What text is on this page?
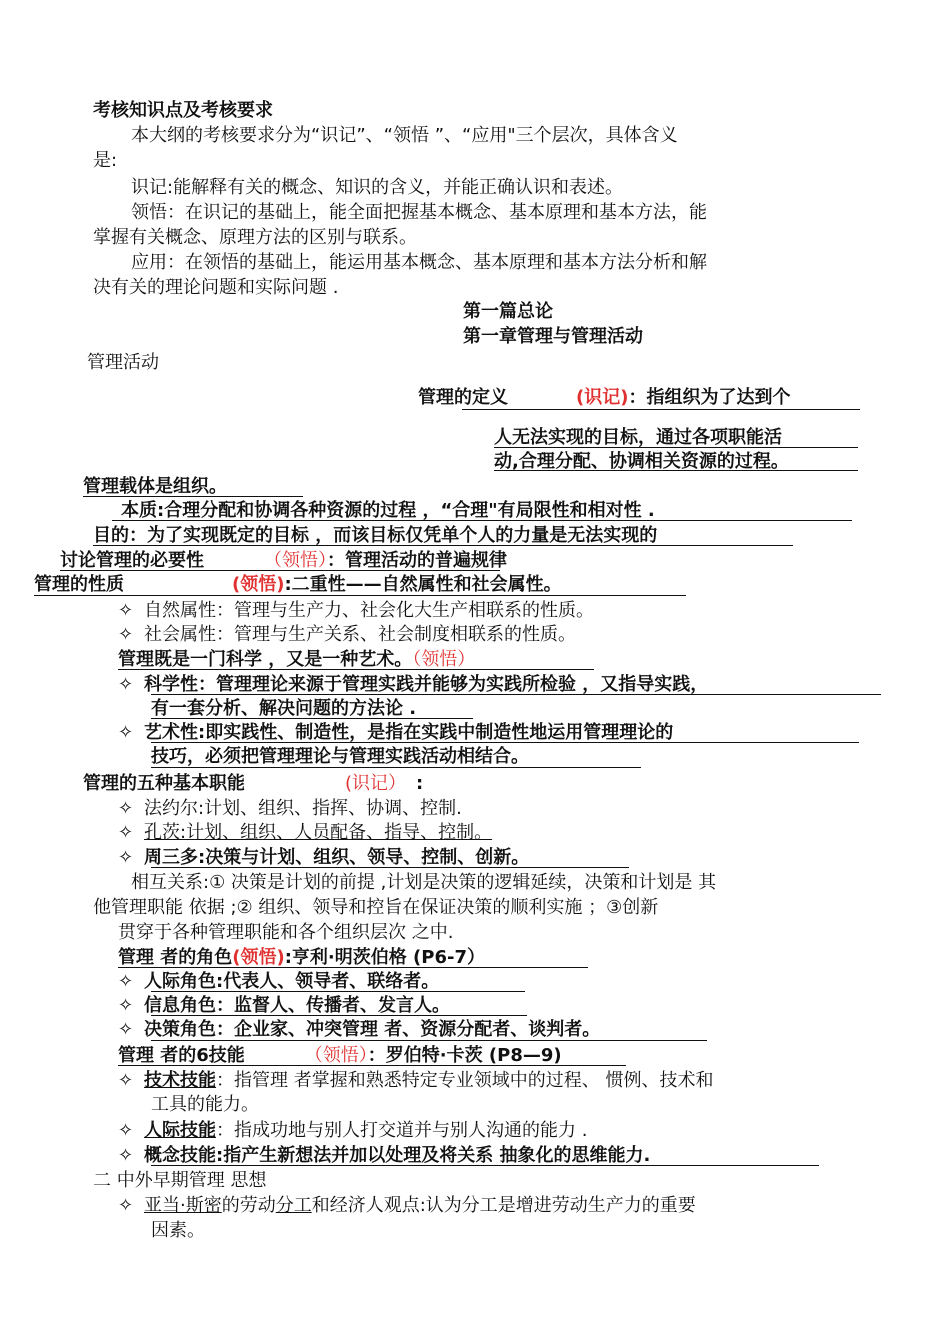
考核知识点及考核要求
本大纲的考核要求分为“识记”、“领悟 ”、“应用"三个层次，具体含义
是:
识记:能解释有关的概念、知识的含义，并能正确认识和表述。
领悟：在识记的基础上，能全面把握基本概念、基本原理和基本方法，能
掌握有关概念、原理方法的区别与联系。
应用：在领悟的基础上，能运用基本概念、基本原理和基本方法分析和解
决有关的理论问题和实际问题 .
第一篇总论
第一章管理与管理活动
管理活动
管理的定义	(识记)：指组织为了达到个
人无法实现的目标，通过各项职能活
动,合理分配、协调相关资源的过程。
管理载体是组织。
本质:合理分配和协调各种资源的过程 ，“合理"有局限性和相对性 .
目的：为了实现既定的目标 ，而该目标仅凭单个人的力量是无法实现的
讨论管理的必要性	（领悟）：管理活动的普遍规律
管理的性质	(领悟):二重性——自然属性和社会属性。
✧ 自然属性：管理与生产力、社会化大生产相联系的性质。
✧ 社会属性：管理与生产关系、社会制度相联系的性质。
管理既是一门科学 ，又是一种艺术。（领悟）
✧ 科学性：管理理论来源于管理实践并能够为实践所检验 ，又指导实践，
有一套分析、解决问题的方法论 .
✧ 艺术性:即实践性、制造性，是指在实践中制造性地运用管理理论的
技巧，必须把管理理论与管理实践活动相结合。
管理的五种基本职能	(识记） :
✧ 法约尔:计划、组织、指挥、协调、控制.
✧ 孔茨:计划、组织、人员配备、指导、控制。
✧ 周三多:决策与计划、组织、领导、控制、创新。
相互关系:① 决策是计划的前提 ,计划是决策的逻辑延续，决策和计划是 其
他管理职能 依据 ;② 组织、领导和控旨在保证决策的顺利实施 ；③创新
贯穿于各种管理职能和各个组织层次 之中.
管理 者的角色(领悟):亨利·明茨伯格 (P6-7）
✧ 人际角色:代表人、领导者、联络者。
✧ 信息角色：监督人、传播者、发言人。
✧ 决策角色：企业家、冲突管理 者、资源分配者、谈判者。
管理 者的6技能	（领悟）：罗伯特·卡茨 (P8—9)
✧ 技术技能：指管理 者掌握和熟悉特定专业领域中的过程、 惯例、技术和
工具的能力。
✧ 人际技能：指成功地与别人打交道并与别人沟通的能力 .
✧ 概念技能:指产生新想法并加以处理及将关系 抽象化的思维能力.
二 中外早期管理 思想
✧ 亚当·斯密的劳动分工和经济人观点:认为分工是增进劳动生产力的重要
因素。
